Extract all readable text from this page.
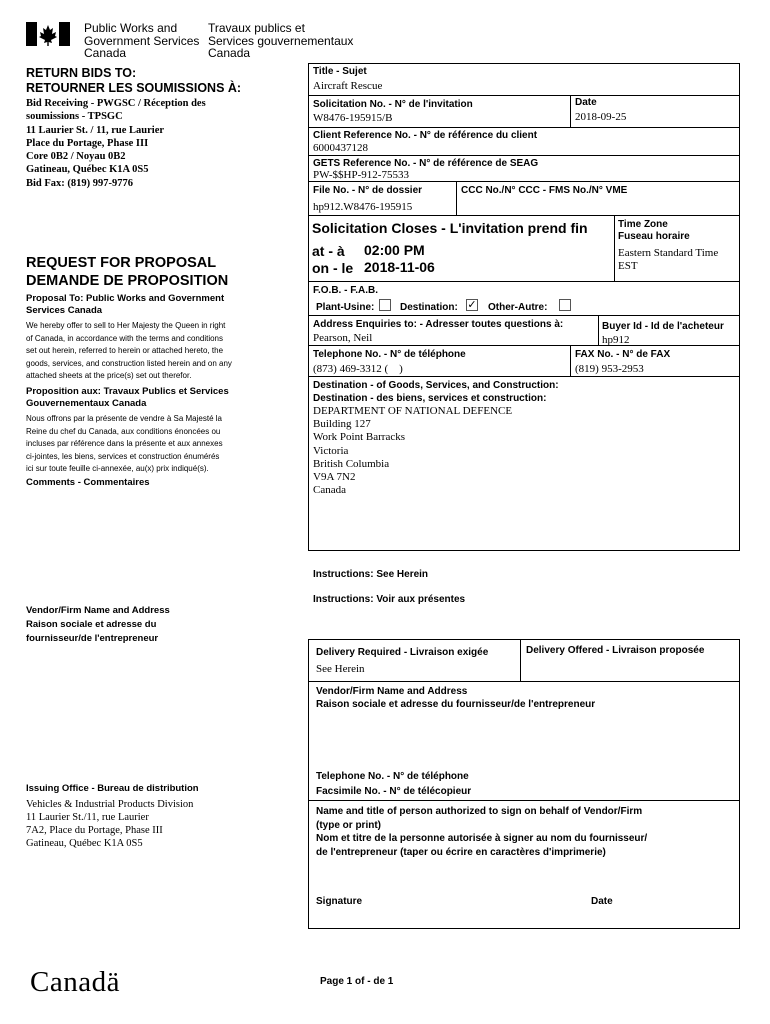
Public Works and
Government Services
Canada
Travaux publics et
Services gouvernementaux
Canada
RETURN BIDS TO:
RETOURNER LES SOUMISSIONS À:
Bid Receiving - PWGSC / Réception des
soumissions - TPSGC
11 Laurier St. / 11, rue Laurier
Place du Portage, Phase III
Core 0B2 / Noyau 0B2
Gatineau, Québec K1A 0S5
Bid Fax: (819) 997-9776
REQUEST FOR PROPOSAL
DEMANDE DE PROPOSITION
Proposal To: Public Works and Government Services Canada
We hereby offer to sell to Her Majesty the Queen in right
of Canada, in accordance with the terms and conditions
set out herein, referred to herein or attached hereto, the
goods, services, and construction listed herein and on any
attached sheets at the price(s) set out therefor.
Proposition aux: Travaux Publics et Services Gouvernementaux Canada
Nous offrons par la présente de vendre à Sa Majesté la
Reine du chef du Canada, aux conditions énoncées ou
incluses par référence dans la présente et aux annexes
ci-jointes, les biens, services et construction énumérés
ici sur toute feuille ci-annexée, au(x) prix indiqué(s).
Comments - Commentaires
Vendor/Firm Name and Address
Raison sociale et adresse du
fournisseur/de l'entrepreneur
Issuing Office - Bureau de distribution
Vehicles & Industrial Products Division
11 Laurier St./11, rue Laurier
7A2, Place du Portage, Phase III
Gatineau, Québec K1A 0S5
Title - Sujet
Aircraft Rescue
Solicitation No. - N° de l'invitation
W8476-195915/B
Date
2018-09-25
Client Reference No. - N° de référence du client
6000437128
GETS Reference No. - N° de référence de SEAG
PW-$$HP-912-75533
File No. - N° de dossier
hp912.W8476-195915
CCC No./N° CCC - FMS No./N° VME
Solicitation Closes - L'invitation prend fin
at - à 02:00 PM
on - le 2018-11-06
Time Zone
Fuseau horaire
Eastern Standard Time
EST
F.O.B. - F.A.B.
Plant-Usine:	Destination: ✓ Other-Autre:
Address Enquiries to: - Adresser toutes questions à:
Pearson, Neil
Buyer Id - Id de l'acheteur
hp912
Telephone No. - N° de téléphone
(873) 469-3312 (    )
FAX No. - N° de FAX
(819) 953-2953
Destination - of Goods, Services, and Construction:
Destination - des biens, services et construction:
DEPARTMENT OF NATIONAL DEFENCE
Building 127
Work Point Barracks
Victoria
British Columbia
V9A 7N2
Canada
Instructions: See Herein
Instructions: Voir aux présentes
Delivery Required - Livraison exigée
See Herein
Delivery Offered - Livraison proposée
Vendor/Firm Name and Address
Raison sociale et adresse du fournisseur/de l'entrepreneur
Telephone No. - N° de téléphone
Facsimile No. - N° de télécopieur
Name and title of person authorized to sign on behalf of Vendor/Firm
(type or print)
Nom et titre de la personne autorisée à signer au nom du fournisseur/
de l'entrepreneur (taper ou écrire en caractères d'imprimerie)
Signature	Date
Canadä	Page 1 of - de 1
